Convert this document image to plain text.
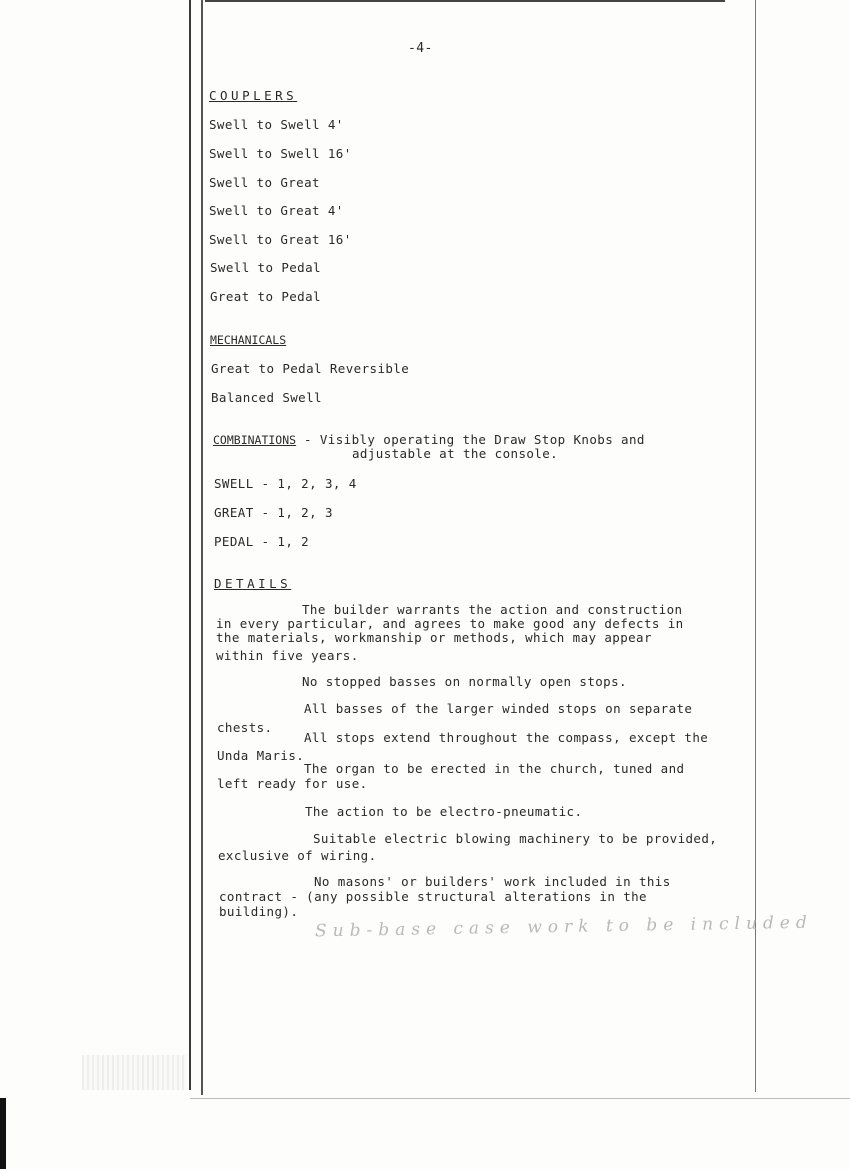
-4-
COUPLERS
Swell to Swell 4'
Swell to Swell 16'
Swell to Great
Swell to Great 4'
Swell to Great 16'
Swell to Pedal
Great to Pedal
MECHANICALS
Great to Pedal Reversible
Balanced Swell
COMBINATIONS - Visibly operating the Draw Stop Knobs and
adjustable at the console.
SWELL - 1, 2, 3, 4
GREAT - 1, 2, 3
PEDAL - 1, 2
DETAILS
The builder warrants the action and construction
in every particular, and agrees to make good any defects in
the materials, workmanship or methods, which may appear
within five years.
No stopped basses on normally open stops.
All basses of the larger winded stops on separate
chests.
All stops extend throughout the compass, except the
Unda Maris.
The organ to be erected in the church, tuned and
left ready for use.
The action to be electro-pneumatic.
Suitable electric blowing machinery to be provided,
exclusive of wiring.
No masons' or builders' work included in this
contract - (any possible structural alterations in the
building).
Sub-base case work to be included
